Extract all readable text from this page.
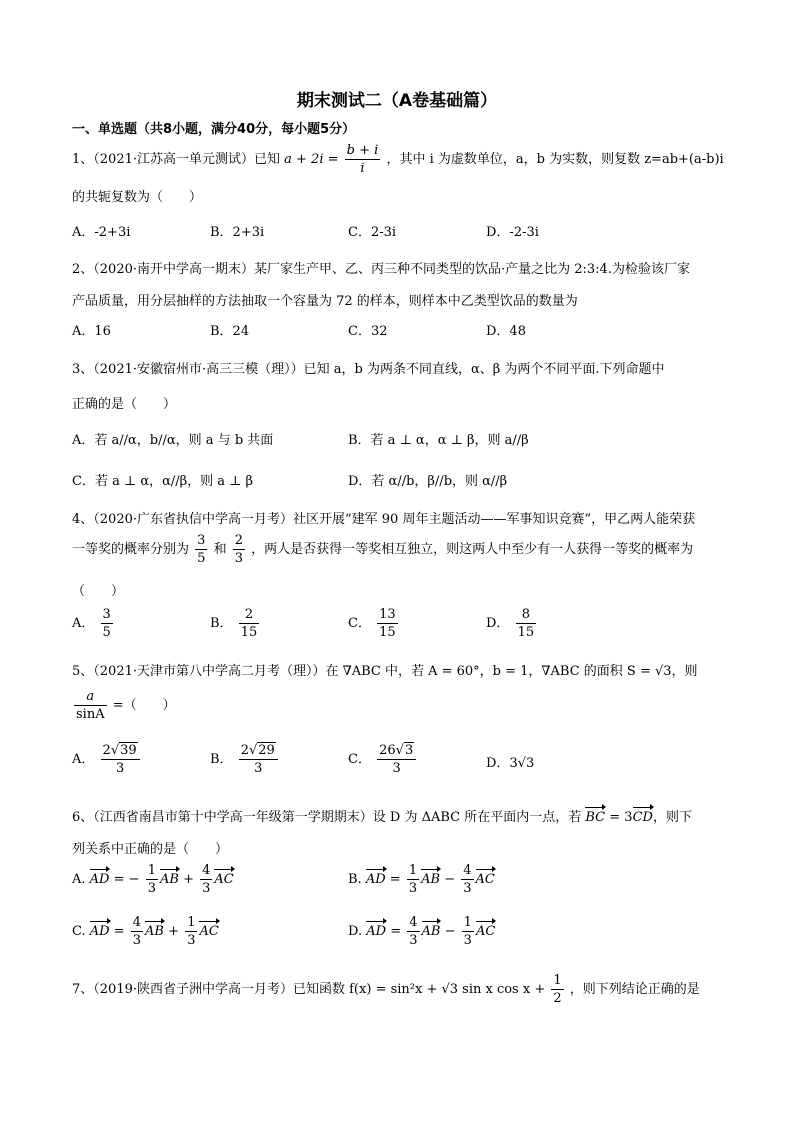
期末测试二（A卷基础篇）
一、单选题（共8小题，满分40分，每小题5分）
1、（2021·江苏高一单元测试）已知 $a + 2i = \frac{b + i}{i}$ ，其中 i 为虚数单位，a，b 为实数，则复数 z=ab+(a-b)i
的共轭复数为（　　）
A．-2+3i	B．2+3i	C．2-3i	D．-2-3i
2、（2020·南开中学高一期末）某厂家生产甲、乙、丙三种不同类型的饮品·产量之比为 2:3:4.为检验该厂家
产品质量，用分层抽样的方法抽取一个容量为 72 的样本，则样本中乙类型饮品的数量为
A．16	B．24	C．32	D．48
3、（2021·安徽宿州市·高三三模（理））已知 a，b 为两条不同直线，α、β 为两个不同平面.下列命题中
正确的是（　　）
A．若 a//α，b//α，则 a 与 b 共面	B．若 a ⊥ α，α ⊥ β，则 a//β
C．若 a ⊥ α，α//β，则 a ⊥ β	D．若 α//b，β//b，则 α//β
4、（2020·广东省执信中学高一月考）社区开展“建军 90 周年主题活动——军事知识竞赛”，甲乙两人能荣获
一等奖的概率分别为 $\frac{3}{5}$ 和 $\frac{2}{3}$ ，两人是否获得一等奖相互独立，则这两人中至少有一人获得一等奖的概率为
（　　）
A． $\frac{3}{5}$	B． $\frac{2}{15}$	C． $\frac{13}{15}$	D． $\frac{8}{15}$
5、（2021·天津市第八中学高二月考（理））在 ∇ABC 中，若 A = 60°，b = 1，∇ABC 的面积 S = √3，则
$\frac{a}{\sin A}$ =（　　）
A． $\frac{2√39}{3}$	B． $\frac{2√29}{3}$	C． $\frac{26√3}{3}$	D．3√3
6、（江西省南昌市第十中学高一年级第一学期期末）设 D 为 ΔABC 所在平面内一点，若 BC = 3CD，则下
列关系中正确的是（　　）
A. AD = − $\frac{1}{3}$ AB + $\frac{4}{3}$ AC	B. AD = $\frac{1}{3}$ AB − $\frac{4}{3}$ AC
C. AD = $\frac{4}{3}$ AB + $\frac{1}{3}$ AC	D. AD = $\frac{4}{3}$ AB − $\frac{1}{3}$ AC
7、（2019·陕西省子洲中学高一月考）已知函数 f(x) = sin²x + √3 sin x $\cos x + \frac{1}{2}$ ，则下列结论正确的是
